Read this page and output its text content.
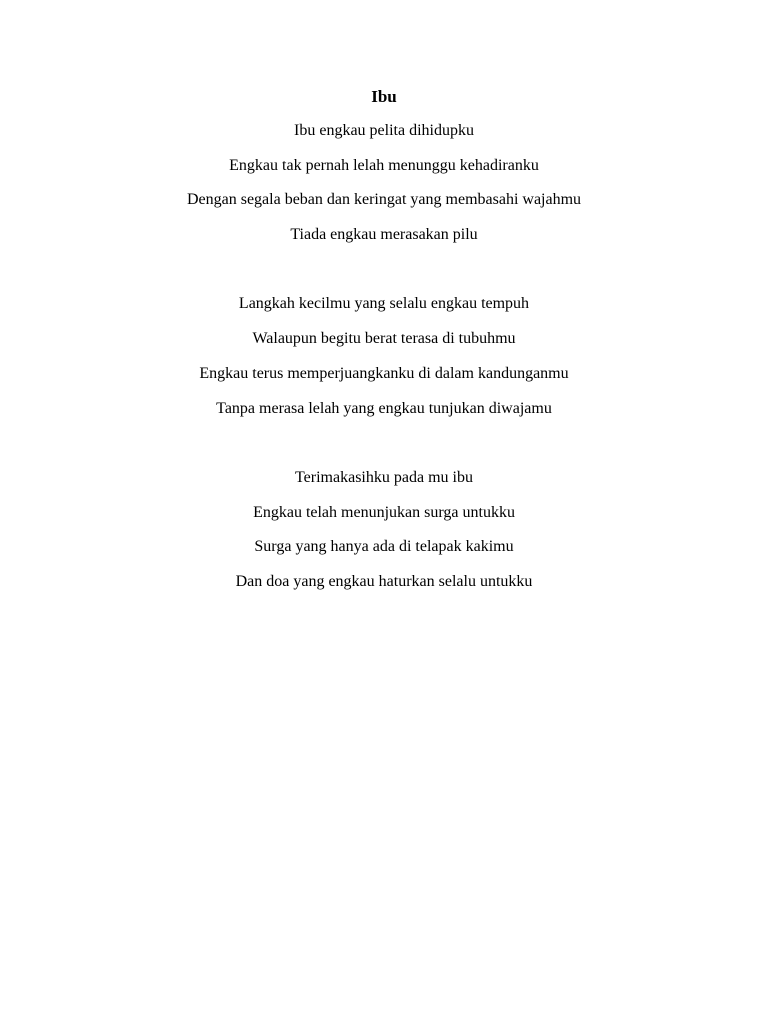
Ibu
Ibu engkau pelita dihidupku
Engkau tak pernah lelah menunggu kehadiranku
Dengan segala beban dan keringat yang membasahi wajahmu
Tiada engkau merasakan pilu
Langkah kecilmu yang selalu engkau tempuh
Walaupun begitu berat terasa di tubuhmu
Engkau terus memperjuangkanku di dalam kandunganmu
Tanpa merasa lelah yang engkau tunjukan diwajamu
Terimakasihku pada mu ibu
Engkau telah menunjukan surga untukku
Surga yang hanya ada di telapak kakimu
Dan doa yang engkau haturkan selalu untukku
